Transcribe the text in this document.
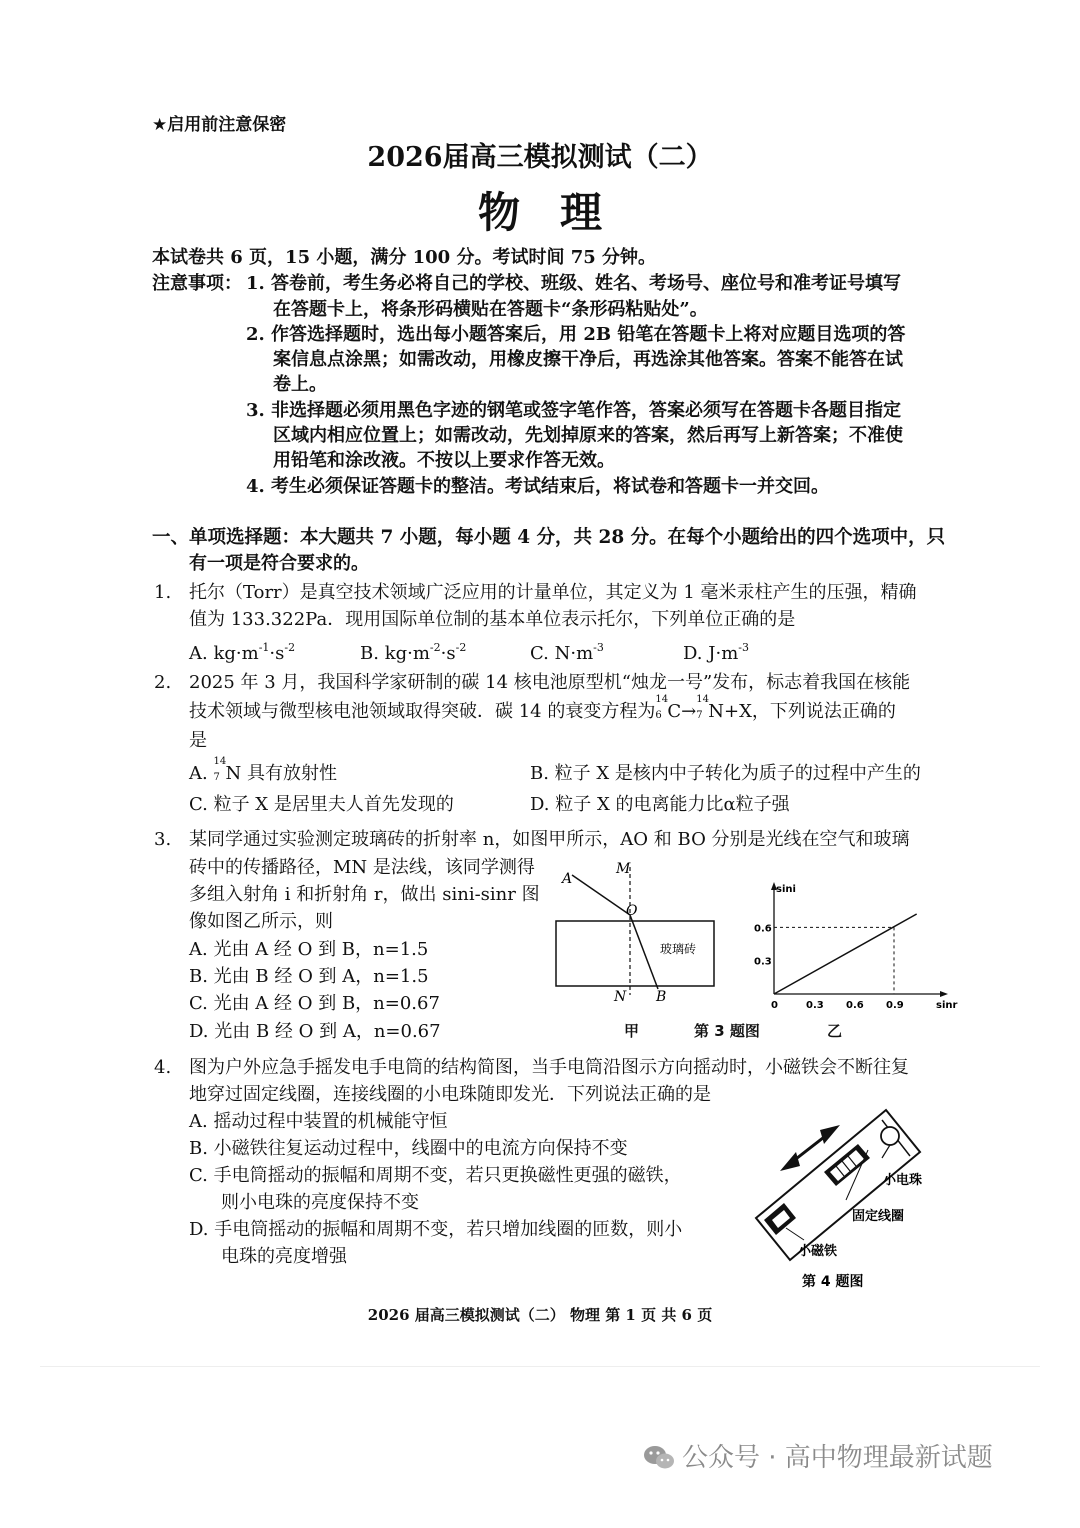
★启用前注意保密
2026届高三模拟测试（二）
物理
本试卷共 6 页，15 小题，满分 100 分。考试时间 75 分钟。
注意事项： 1. 答卷前，考生务必将自己的学校、班级、姓名、考场号、座位号和准考证号填写
在答题卡上，将条形码横贴在答题卡“条形码粘贴处”。
2. 作答选择题时，选出每小题答案后，用 2B 铅笔在答题卡上将对应题目选项的答
案信息点涂黑；如需改动，用橡皮擦干净后，再选涂其他答案。答案不能答在试
卷上。
3. 非选择题必须用黑色字迹的钢笔或签字笔作答，答案必须写在答题卡各题目指定
区域内相应位置上；如需改动，先划掉原来的答案，然后再写上新答案；不准使
用铅笔和涂改液。不按以上要求作答无效。
4. 考生必须保证答题卡的整洁。考试结束后，将试卷和答题卡一并交回。
一、单项选择题：本大题共 7 小题，每小题 4 分，共 28 分。在每个小题给出的四个选项中，只
有一项是符合要求的。
1. 托尔（Torr）是真空技术领域广泛应用的计量单位，其定义为 1 毫米汞柱产生的压强，精确
值为 133.322Pa．现用国际单位制的基本单位表示托尔，下列单位正确的是
A. $kg\cdot m^{-1}\cdot s^{-2}$	B. $kg\cdot m^{-2}\cdot s^{-2}$	C. $N\cdot m^{-3}$	D. $J\cdot m^{-3}$
2. 2025 年 3 月，我国科学家研制的碳 14 核电池原型机“烛龙一号”发布，标志着我国在核能
技术领域与微型核电池领域取得突破．碳 14 的衰变方程为
14
6 C→
14
7 N+X，下列说法正确的
是
A.
14
7 N 具有放射性	B. 粒子 X 是核内中子转化为质子的过程中产生的
C. 粒子 X 是居里夫人首先发现的	D. 粒子 X 的电离能力比α粒子强
3. 某同学通过实验测定玻璃砖的折射率 n，如图甲所示，AO 和 BO 分别是光线在空气和玻璃
砖中的传播路径，MN 是法线，该同学测得
多组入射角 i 和折射角 r，做出 sini-sinr 图
像如图乙所示，则
A. 光由 A 经 O 到 B，n=1.5
B. 光由 B 经 O 到 A，n=1.5
C. 光由 A 经 O 到 B，n=0.67
D. 光由 B 经 O 到 A，n=0.67
A
M
O
N B
玻璃砖
0	0.3 0.6 0.9
0.3
0.6
sinr
sini
甲	第 3 题图	乙
4. 图为户外应急手摇发电手电筒的结构简图，当手电筒沿图示方向摇动时，小磁铁会不断往复
地穿过固定线圈，连接线圈的小电珠随即发光．下列说法正确的是
A. 摇动过程中装置的机械能守恒
B. 小磁铁往复运动过程中，线圈中的电流方向保持不变
C. 手电筒摇动的振幅和周期不变，若只更换磁性更强的磁铁，
则小电珠的亮度保持不变
D. 手电筒摇动的振幅和周期不变，若只增加线圈的匝数，则小
电珠的亮度增强
小电珠
固定线圈
小磁铁
第 4 题图
2026 届高三模拟测试（二） 物理 第 1 页 共 6 页
公众号 · 高中物理最新试题
